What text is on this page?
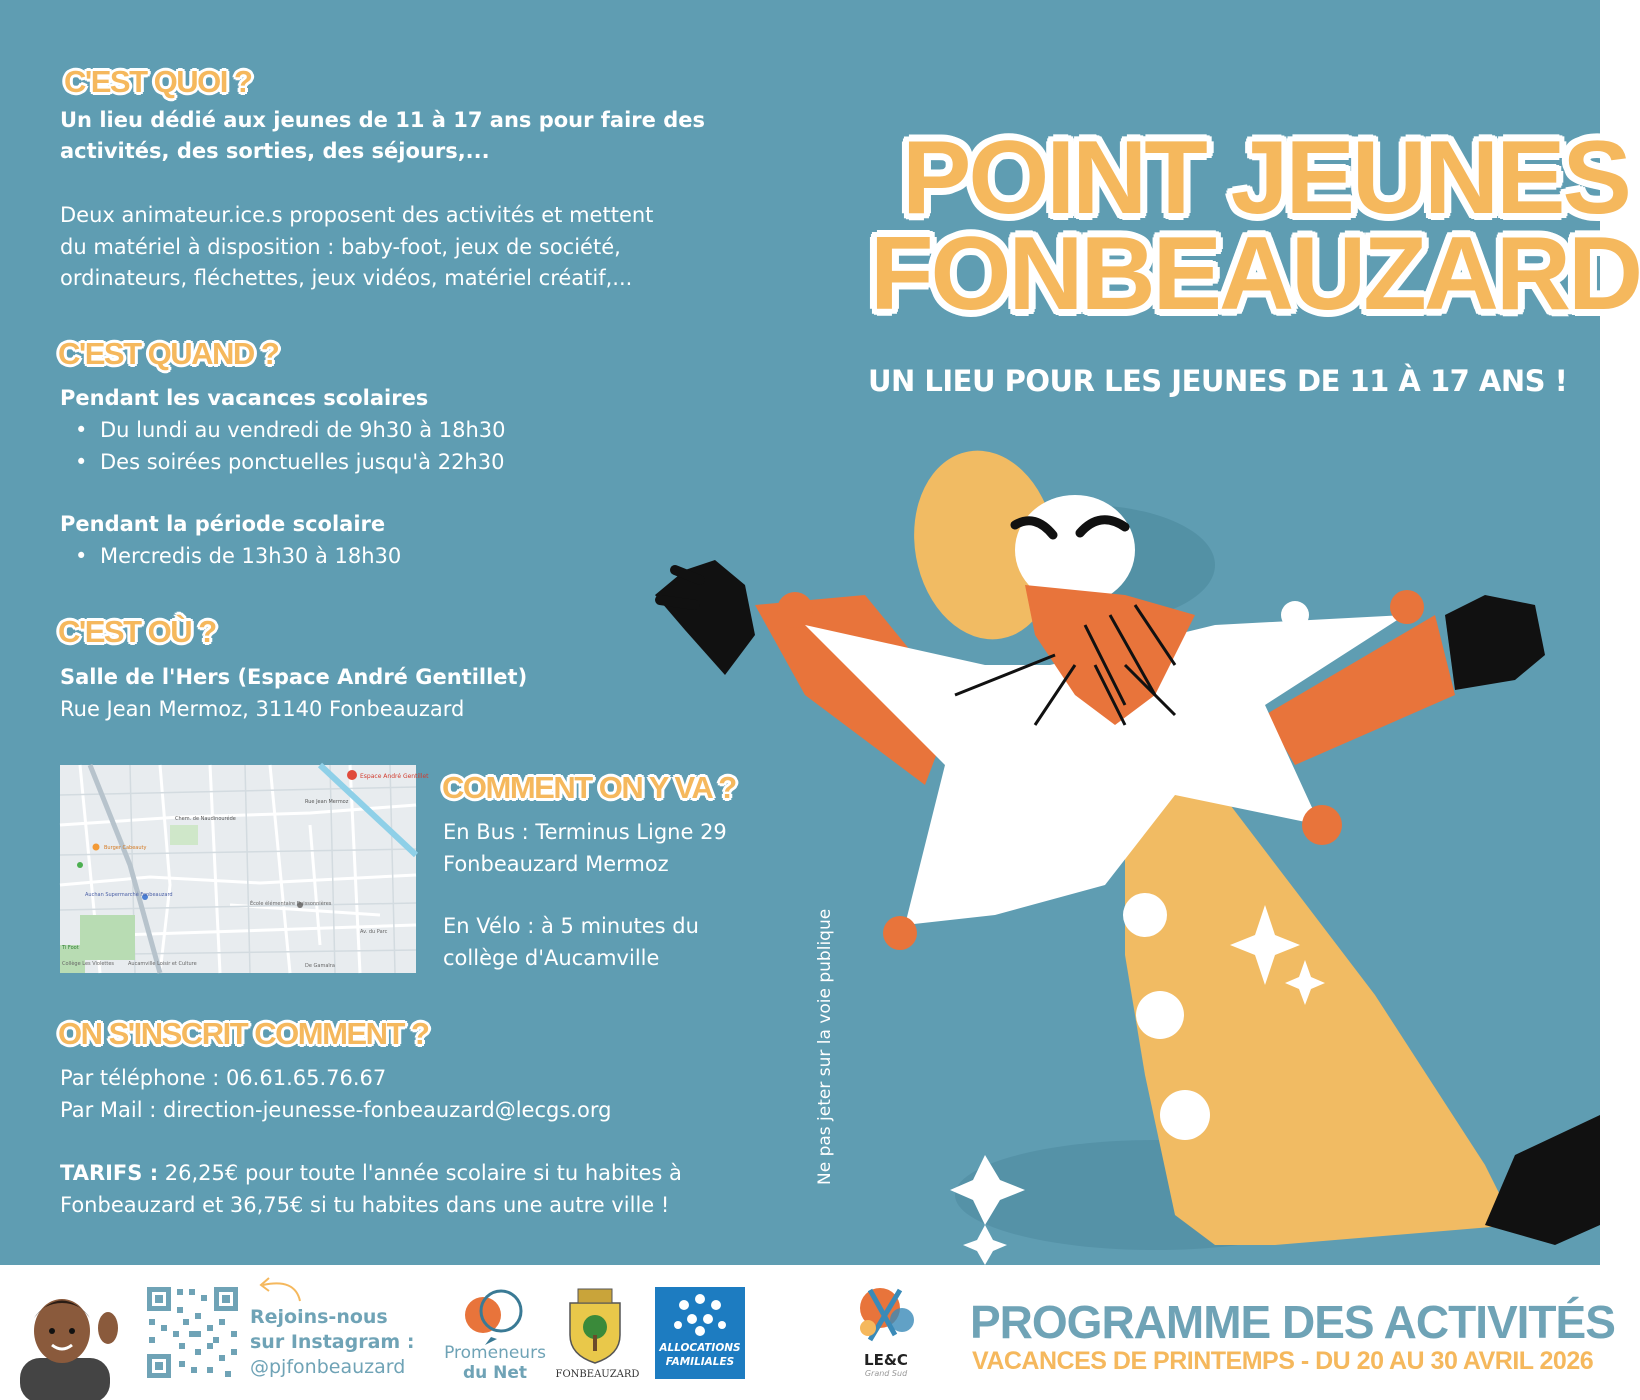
C'EST QUOI ?
Un lieu dédié aux jeunes de 11 à 17 ans pour faire des
activités, des sorties, des séjours,...
Deux animateur.ice.s proposent des activités et mettent
du matériel à disposition : baby-foot, jeux de société,
ordinateurs, fléchettes, jeux vidéos, matériel créatif,...
C'EST QUAND ?
Pendant les vacances scolaires
• Du lundi au vendredi de 9h30 à 18h30
• Des soirées ponctuelles jusqu'à 22h30
Pendant la période scolaire
• Mercredis de 13h30 à 18h30
C'EST OÙ ?
Salle de l'Hers (Espace André Gentillet)
Rue Jean Mermoz, 31140 Fonbeauzard
Espace André Gentillet
Chem. de Naudinouréde
Rue Jean Mermoz
Burger Cabeauty
Auchan Supermarché Fonbeauzard
École élémentaire Buissonnières
Av. du Parc
Collège Les Violettes	Aucamville Loisir et Culture	De Gamaïra
Ti Foot
COMMENT ON Y VA ?
En Bus : Terminus Ligne 29
Fonbeauzard Mermoz
En Vélo : à 5 minutes du
collège d'Aucamville
ON S'INSCRIT COMMENT ?
Par téléphone : 06.61.65.76.67
Par Mail : direction-jeunesse-fonbeauzard@lecgs.org
TARIFS : 26,25€ pour toute l'année scolaire si tu habites à
Fonbeauzard et 36,75€ si tu habites dans une autre ville !
POINT JEUNES
FONBEAUZARD
UN LIEU POUR LES JEUNES DE 11 À 17 ANS !
Ne pas jeter sur la voie publique
Rejoins-nous
sur Instagram :
@pjfonbeauzard
Promeneurs
du Net	FONBEAUZARD
ALLOCATIONS
FAMILIALES	LE&C
Grand Sud
PROGRAMME DES ACTIVITÉS
VACANCES DE PRINTEMPS - DU 20 AU 30 AVRIL 2026
